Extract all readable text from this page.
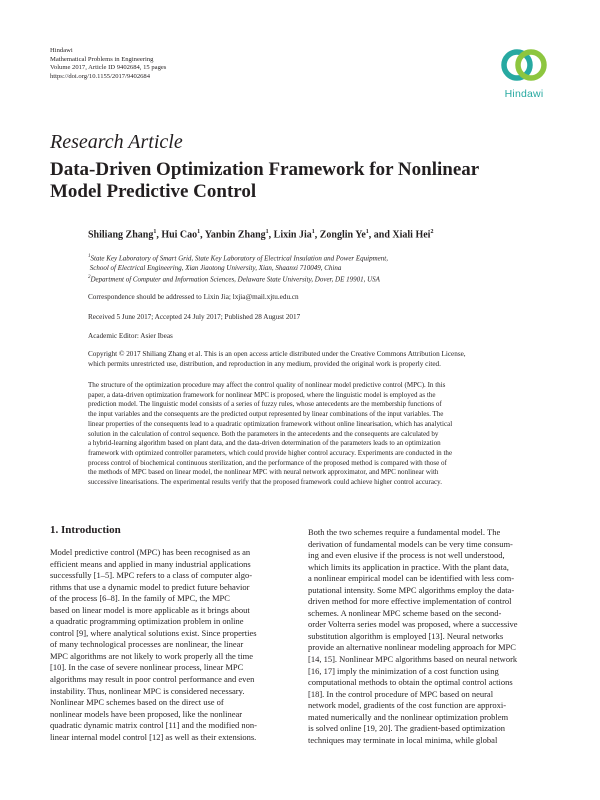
Hindawi
Mathematical Problems in Engineering
Volume 2017, Article ID 9402684, 15 pages
https://doi.org/10.1155/2017/9402684
Hindawi
Research Article
Data-Driven Optimization Framework for Nonlinear
Model Predictive Control
Shiliang Zhang$^1$, Hui Cao$^1$, Yanbin Zhang$^1$, Lixin Jia$^1$, Zonglin Ye$^1$, and Xiali Hei$^2$
$^1$State Key Laboratory of Smart Grid, State Key Laboratory of Electrical Insulation and Power Equipment,
School of Electrical Engineering, Xian Jiaotong University, Xian, Shaanxi 710049, China
$^2$Department of Computer and Information Sciences, Delaware State University, Dover, DE 19901, USA
Correspondence should be addressed to Lixin Jia; lxjia@mail.xjtu.edu.cn
Received 5 June 2017; Accepted 24 July 2017; Published 28 August 2017
Academic Editor: Asier Ibeas
Copyright © 2017 Shiliang Zhang et al. This is an open access article distributed under the Creative Commons Attribution License,
which permits unrestricted use, distribution, and reproduction in any medium, provided the original work is properly cited.
The structure of the optimization procedure may affect the control quality of nonlinear model predictive control (MPC). In this
paper, a data-driven optimization framework for nonlinear MPC is proposed, where the linguistic model is employed as the
prediction model. The linguistic model consists of a series of fuzzy rules, whose antecedents are the membership functions of
the input variables and the consequents are the predicted output represented by linear combinations of the input variables. The
linear properties of the consequents lead to a quadratic optimization framework without online linearisation, which has analytical
solution in the calculation of control sequence. Both the parameters in the antecedents and the consequents are calculated by
a hybrid-learning algorithm based on plant data, and the data-driven determination of the parameters leads to an optimization
framework with optimized controller parameters, which could provide higher control accuracy. Experiments are conducted in the
process control of biochemical continuous sterilization, and the performance of the proposed method is compared with those of
the methods of MPC based on linear model, the nonlinear MPC with neural network approximator, and MPC nonlinear with
successive linearisations. The experimental results verify that the proposed framework could achieve higher control accuracy.
1. Introduction
Model predictive control (MPC) has been recognised as an
efficient means and applied in many industrial applications
successfully [1–5]. MPC refers to a class of computer algo-
rithms that use a dynamic model to predict future behavior
of the process [6–8]. In the family of MPC, the MPC
based on linear model is more applicable as it brings about
a quadratic programming optimization problem in online
control [9], where analytical solutions exist. Since properties
of many technological processes are nonlinear, the linear
MPC algorithms are not likely to work properly all the time
[10]. In the case of severe nonlinear process, linear MPC
algorithms may result in poor control performance and even
instability. Thus, nonlinear MPC is considered necessary.
Nonlinear MPC schemes based on the direct use of
nonlinear models have been proposed, like the nonlinear
quadratic dynamic matrix control [11] and the modified non-
linear internal model control [12] as well as their extensions.
Both the two schemes require a fundamental model. The
derivation of fundamental models can be very time consum-
ing and even elusive if the process is not well understood,
which limits its application in practice. With the plant data,
a nonlinear empirical model can be identified with less com-
putational intensity. Some MPC algorithms employ the data-
driven method for more effective implementation of control
schemes. A nonlinear MPC scheme based on the second-
order Volterra series model was proposed, where a successive
substitution algorithm is employed [13]. Neural networks
provide an alternative nonlinear modeling approach for MPC
[14, 15]. Nonlinear MPC algorithms based on neural network
[16, 17] imply the minimization of a cost function using
computational methods to obtain the optimal control actions
[18]. In the control procedure of MPC based on neural
network model, gradients of the cost function are approxi-
mated numerically and the nonlinear optimization problem
is solved online [19, 20]. The gradient-based optimization
techniques may terminate in local minima, while global
